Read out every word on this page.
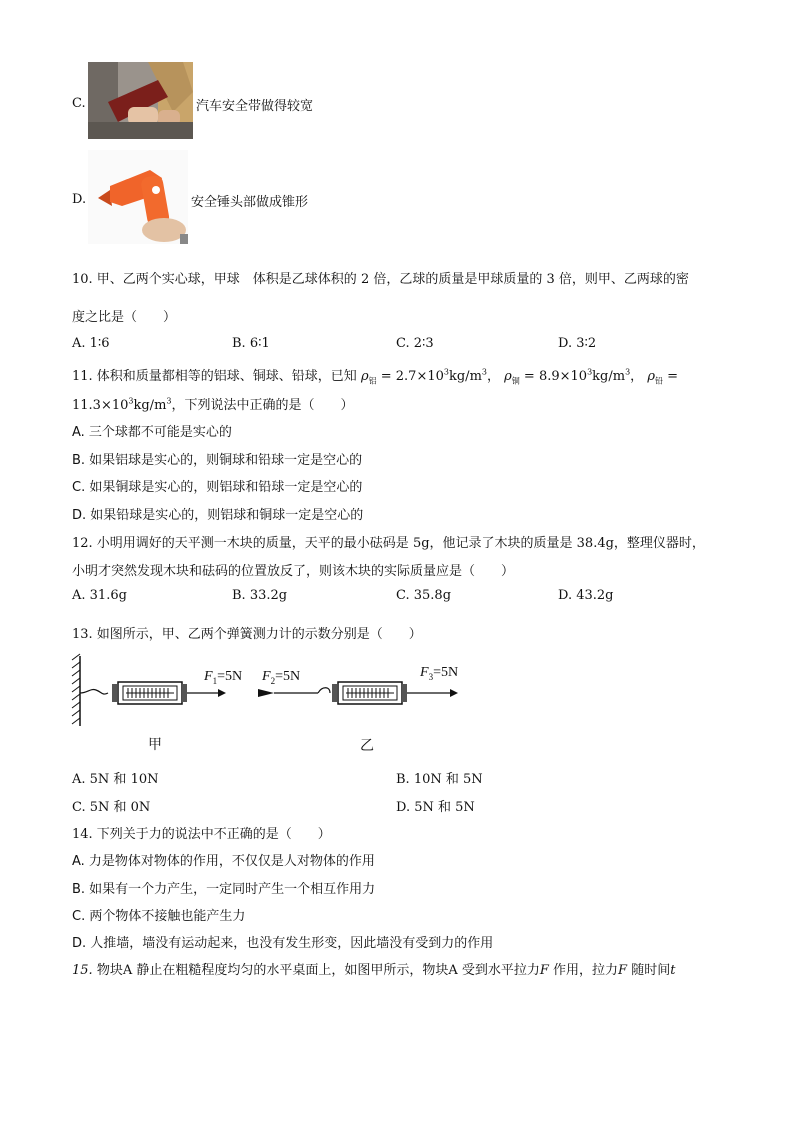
C.	汽车安全带做得较宽
D.	安全锤头部做成锥形
10. 甲、乙两个实心球，甲球　体积是乙球体积的 2 倍，乙球的质量是甲球质量的 3 倍，则甲、乙两球的密
度之比是（　　）
A. 1∶6	B. 6∶1	C. 2∶3	D. 3∶2
11. 体积和质量都相等的铝球、铜球、铅球，已知 $\rho_铝 = 2.7\times 10^3kg/m^3$， $\rho_铜 = 8.9\times 10^3kg/m^3$， $\rho_铅$ =
$11.3\times 10^3kg/m^3$，下列说法中正确的是（　　）
A. 三个球都不可能是实心的
B. 如果铝球是实心的，则铜球和铅球一定是空心的
C. 如果铜球是实心的，则铝球和铅球一定是空心的
D. 如果铅球是实心的，则铝球和铜球一定是空心的
12. 小明用调好的天平测一木块的质量，天平的最小砝码是 5g，他记录了木块的质量是 38.4g，整理仪器时，
小明才突然发现木块和砝码的位置放反了，则该木块的实际质量应是（　　）
A. 31.6g	B. 33.2g	C. 35.8g	D. 43.2g
13. 如图所示，甲、乙两个弹簧测力计的示数分别是（　　）
$F_1=5N$ $F_2=5N$	$F_3=5N$
甲	乙
A. 5N 和 10N	B. 10N 和 5N
C. 5N 和 0N	D. 5N 和 5N
14. 下列关于力的说法中不正确的是（　　）
A. 力是物体对物体的作用，不仅仅是人对物体的作用
B. 如果有一个力产生，一定同时产生一个相互作用力
C. 两个物体不接触也能产生力
D. 人推墙，墙没有运动起来，也没有发生形变，因此墙没有受到力的作用
15. 物块A 静止在粗糙程度均匀的水平桌面上，如图甲所示，物块A 受到水平拉力F 作用，拉力F 随时间t
